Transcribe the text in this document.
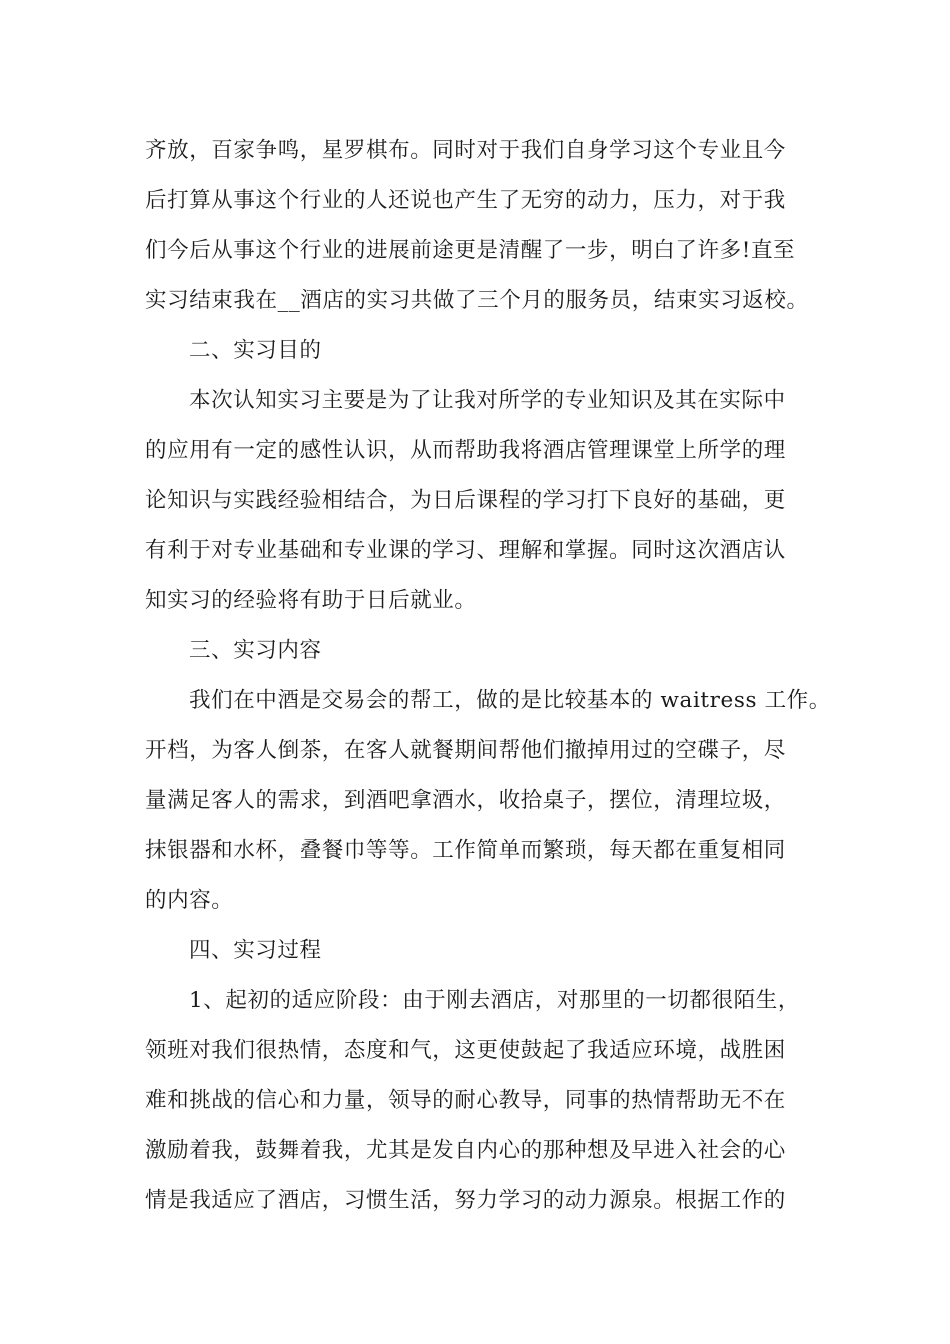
齐放，百家争鸣，星罗棋布。同时对于我们自身学习这个专业且今

后打算从事这个行业的人还说也产生了无穷的动力，压力，对于我

们今后从事这个行业的进展前途更是清醒了一步，明白了许多!直至

实习结束我在__酒店的实习共做了三个月的服务员，结束实习返校。

二、实习目的

本次认知实习主要是为了让我对所学的专业知识及其在实际中

的应用有一定的感性认识，从而帮助我将酒店管理课堂上所学的理

论知识与实践经验相结合，为日后课程的学习打下良好的基础，更

有利于对专业基础和专业课的学习、理解和掌握。同时这次酒店认

知实习的经验将有助于日后就业。

三、实习内容

我们在中酒是交易会的帮工，做的是比较基本的 waitress 工作。

开档，为客人倒茶，在客人就餐期间帮他们撤掉用过的空碟子，尽

量满足客人的需求，到酒吧拿酒水，收拾桌子，摆位，清理垃圾，

抹银器和水杯，叠餐巾等等。工作简单而繁琐，每天都在重复相同

的内容。

四、实习过程

1、起初的适应阶段：由于刚去酒店，对那里的一切都很陌生，

领班对我们很热情，态度和气，这更使鼓起了我适应环境，战胜困

难和挑战的信心和力量，领导的耐心教导，同事的热情帮助无不在

激励着我，鼓舞着我，尤其是发自内心的那种想及早进入社会的心

情是我适应了酒店，习惯生活，努力学习的动力源泉。根据工作的
